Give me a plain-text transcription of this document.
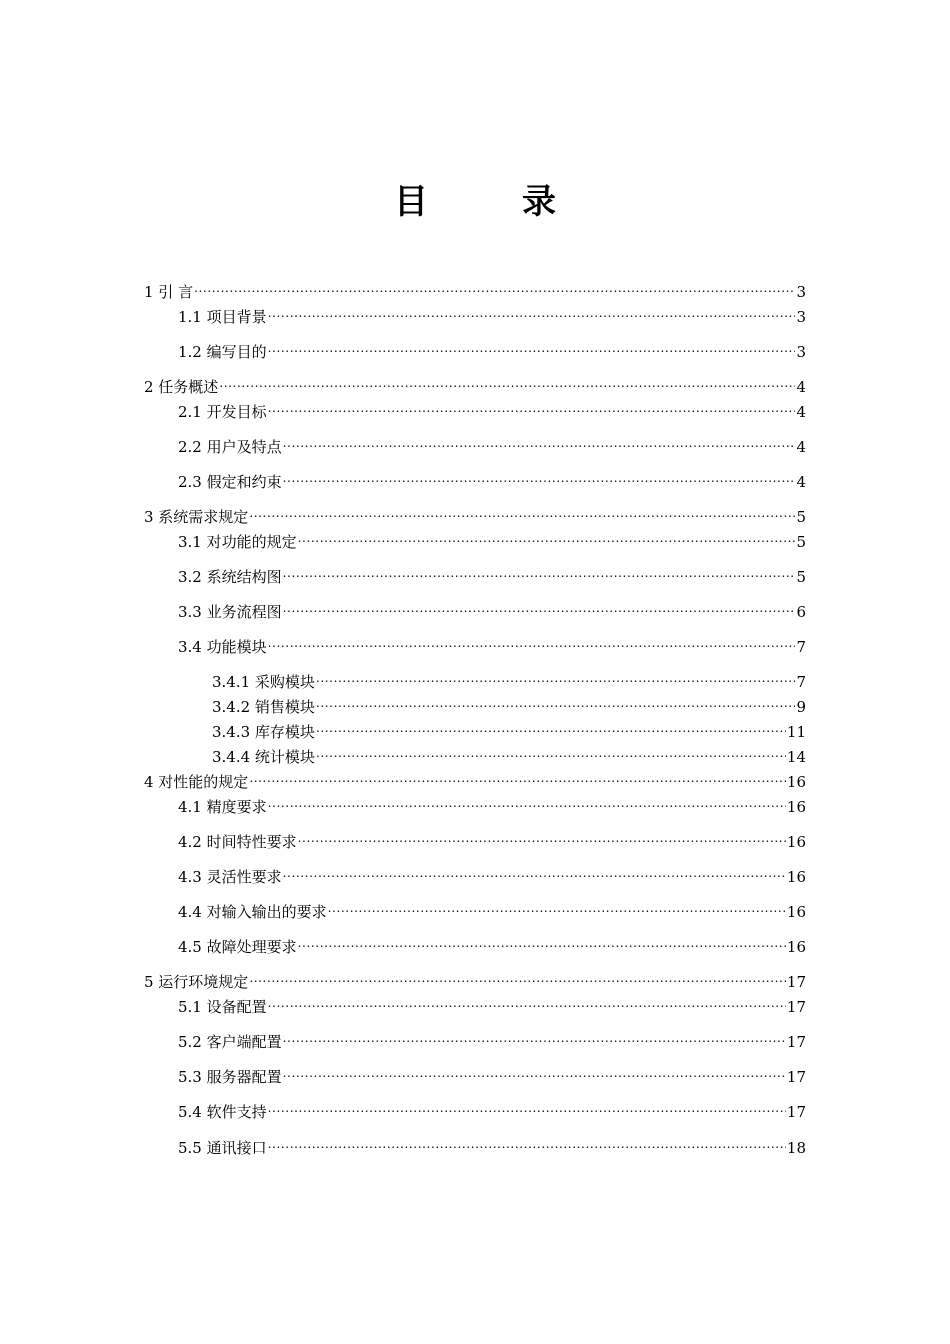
目　录
1 引 言 .....	3
1.1 项目背景 .....	3
1.2 编写目的 .....	3
2 任务概述 .....	4
2.1 开发目标 .....	4
2.2 用户及特点 .....	4
2.3 假定和约束 .....	4
3 系统需求规定 .....	5
3.1 对功能的规定 .....	5
3.2 系统结构图 .....	5
3.3 业务流程图 .....	6
3.4 功能模块 .....	7
3.4.1 采购模块 .....	7
3.4.2 销售模块 .....	9
3.4.3 库存模块 .....	11
3.4.4 统计模块 .....	14
4 对性能的规定 .....	16
4.1 精度要求 .....	16
4.2 时间特性要求 .....	16
4.3 灵活性要求 .....	16
4.4 对输入输出的要求 .....	16
4.5 故障处理要求 .....	16
5 运行环境规定 .....	17
5.1 设备配置 .....	17
5.2 客户端配置 .....	17
5.3 服务器配置 .....	17
5.4 软件支持 .....	17
5.5 通讯接口 .....	18
